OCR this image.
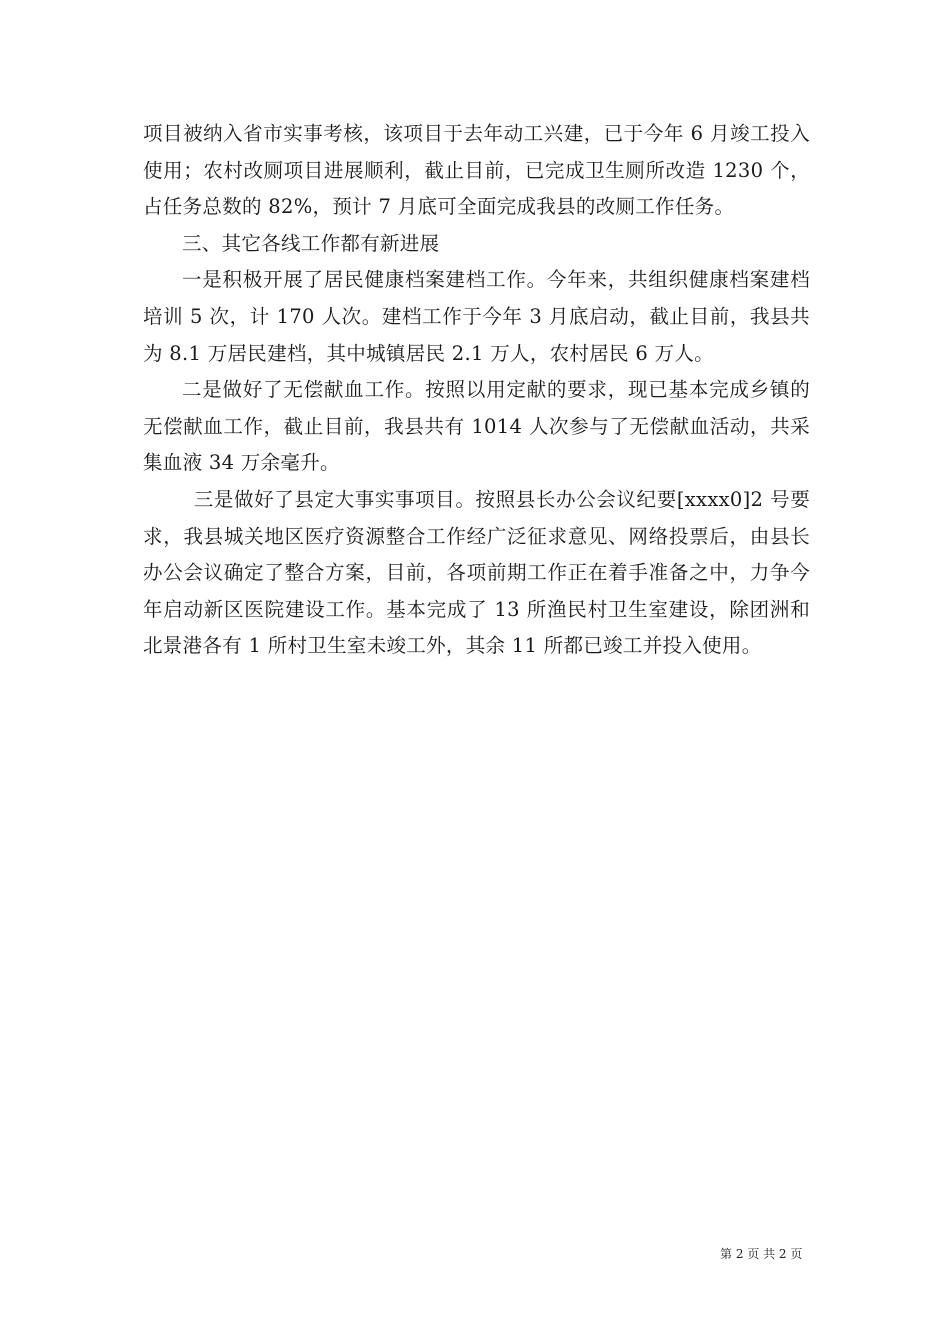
项目被纳入省市实事考核，该项目于去年动工兴建，已于今年 6 月竣工投入使用；农村改厕项目进展顺利，截止目前，已完成卫生厕所改造 1230 个，占任务总数的 82%，预计 7 月底可全面完成我县的改厕工作任务。

三、其它各线工作都有新进展

一是积极开展了居民健康档案建档工作。今年来，共组织健康档案建档培训 5 次，计 170 人次。建档工作于今年 3 月底启动，截止目前，我县共为 8.1 万居民建档，其中城镇居民 2.1 万人，农村居民 6 万人。

二是做好了无偿献血工作。按照以用定献的要求，现已基本完成乡镇的无偿献血工作，截止目前，我县共有 1014 人次参与了无偿献血活动，共采集血液 34 万余毫升。

三是做好了县定大事实事项目。按照县长办公会议纪要[xxxx0]2 号要求，我县城关地区医疗资源整合工作经广泛征求意见、网络投票后，由县长办公会议确定了整合方案，目前，各项前期工作正在着手准备之中，力争今年启动新区医院建设工作。基本完成了 13 所渔民村卫生室建设，除团洲和北景港各有 1 所村卫生室未竣工外，其余 11 所都已竣工并投入使用。

第 2 页 共 2 页
